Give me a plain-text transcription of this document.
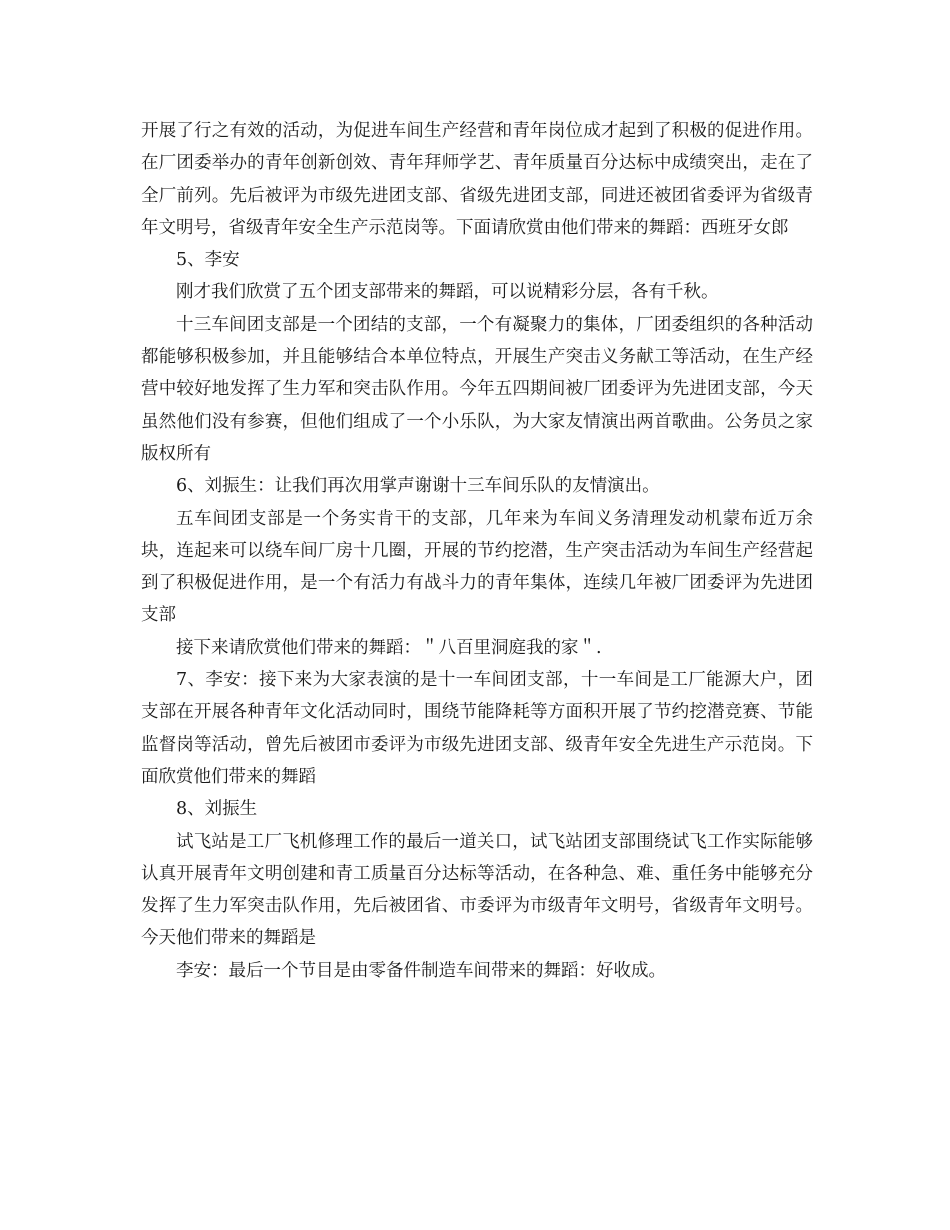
开展了行之有效的活动，为促进车间生产经营和青年岗位成才起到了积极的促进作用。在厂团委举办的青年创新创效、青年拜师学艺、青年质量百分达标中成绩突出，走在了全厂前列。先后被评为市级先进团支部、省级先进团支部，同进还被团省委评为省级青年文明号，省级青年安全生产示范岗等。下面请欣赏由他们带来的舞蹈：西班牙女郎

5、李安

刚才我们欣赏了五个团支部带来的舞蹈，可以说精彩分层，各有千秋。

十三车间团支部是一个团结的支部，一个有凝聚力的集体，厂团委组织的各种活动都能够积极参加，并且能够结合本单位特点，开展生产突击义务献工等活动，在生产经营中较好地发挥了生力军和突击队作用。今年五四期间被厂团委评为先进团支部，今天虽然他们没有参赛，但他们组成了一个小乐队，为大家友情演出两首歌曲。公务员之家版权所有

6、刘振生：让我们再次用掌声谢谢十三车间乐队的友情演出。

五车间团支部是一个务实肯干的支部，几年来为车间义务清理发动机蒙布近万余块，连起来可以绕车间厂房十几圈，开展的节约挖潜，生产突击活动为车间生产经营起到了积极促进作用，是一个有活力有战斗力的青年集体，连续几年被厂团委评为先进团支部

接下来请欣赏他们带来的舞蹈：＂八百里洞庭我的家＂.

7、李安：接下来为大家表演的是十一车间团支部，十一车间是工厂能源大户，团支部在开展各种青年文化活动同时，围绕节能降耗等方面积开展了节约挖潜竞赛、节能监督岗等活动，曾先后被团市委评为市级先进团支部、级青年安全先进生产示范岗。下面欣赏他们带来的舞蹈

8、刘振生

试飞站是工厂飞机修理工作的最后一道关口，试飞站团支部围绕试飞工作实际能够认真开展青年文明创建和青工质量百分达标等活动，在各种急、难、重任务中能够充分发挥了生力军突击队作用，先后被团省、市委评为市级青年文明号，省级青年文明号。今天他们带来的舞蹈是

李安：最后一个节目是由零备件制造车间带来的舞蹈：好收成。
